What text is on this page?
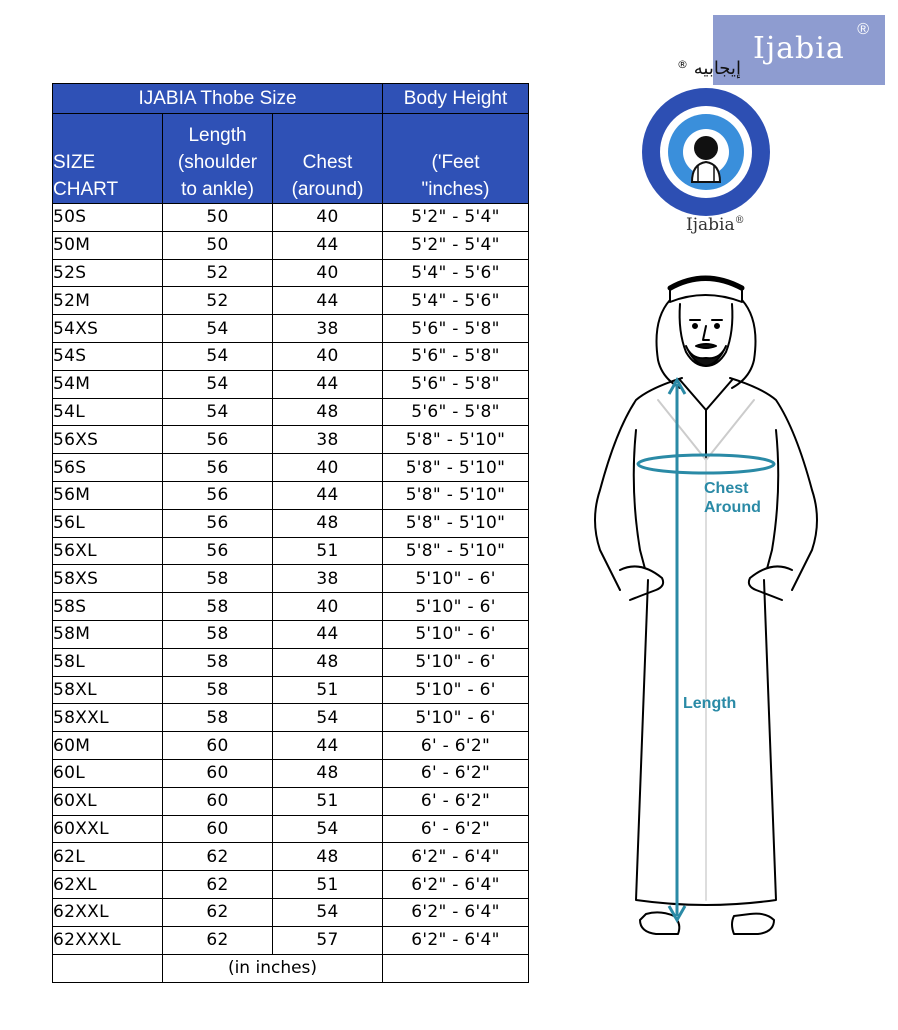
IJABIA Thobe Size			Body Height

SIZE CHART	Length (shoulder to ankle)	Chest (around)	('Feet "inches)

50S	50	40	5'2" - 5'4"
50M	50	44	5'2" - 5'4"
52S	52	40	5'4" - 5'6"
52M	52	44	5'4" - 5'6"
54XS	54	38	5'6" - 5'8"
54S	54	40	5'6" - 5'8"
54M	54	44	5'6" - 5'8"
54L	54	48	5'6" - 5'8"
56XS	56	38	5'8" - 5'10"
56S	56	40	5'8" - 5'10"
56M	56	44	5'8" - 5'10"
56L	56	48	5'8" - 5'10"
56XL	56	51	5'8" - 5'10"
58XS	58	38	5'10" - 6'
58S	58	40	5'10" - 6'
58M	58	44	5'10" - 6'
58L	58	48	5'10" - 6'
58XL	58	51	5'10" - 6'
58XXL	58	54	5'10" - 6'
60M	60	44	6' - 6'2"
60L	60	48	6' - 6'2"
60XL	60	51	6' - 6'2"
60XXL	60	54	6' - 6'2"
62L	62	48	6'2" - 6'4"
62XL	62	51	6'2" - 6'4"
62XXL	62	54	6'2" - 6'4"
62XXXL	62	57	6'2" - 6'4"
	(in inches)		
Ijabia
®
® إيجابيه
Ijabia®
Chest Around
Length
